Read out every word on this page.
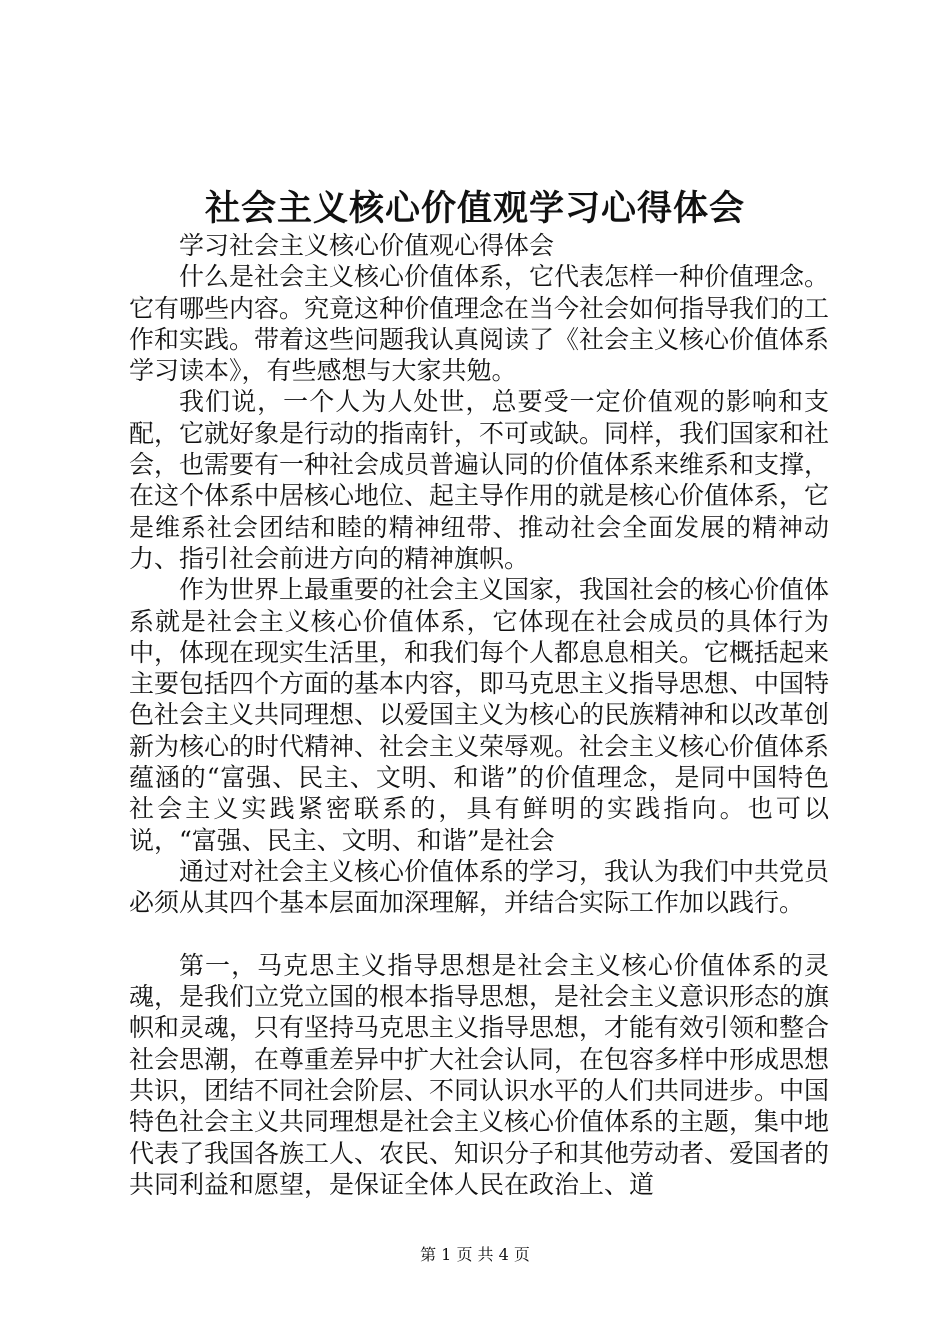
社会主义核心价值观学习心得体会

学习社会主义核心价值观心得体会

什么是社会主义核心价值体系，它代表怎样一种价值理念。它有哪些内容。究竟这种价值理念在当今社会如何指导我们的工作和实践。带着这些问题我认真阅读了《社会主义核心价值体系学习读本》，有些感想与大家共勉。

我们说，一个人为人处世，总要受一定价值观的影响和支配，它就好象是行动的指南针，不可或缺。同样，我们国家和社会，也需要有一种社会成员普遍认同的价值体系来维系和支撑，在这个体系中居核心地位、起主导作用的就是核心价值体系，它是维系社会团结和睦的精神纽带、推动社会全面发展的精神动力、指引社会前进方向的精神旗帜。

作为世界上最重要的社会主义国家，我国社会的核心价值体系就是社会主义核心价值体系，它体现在社会成员的具体行为中，体现在现实生活里，和我们每个人都息息相关。它概括起来主要包括四个方面的基本内容，即马克思主义指导思想、中国特色社会主义共同理想、以爱国主义为核心的民族精神和以改革创新为核心的时代精神、社会主义荣辱观。社会主义核心价值体系蕴涵的“富强、民主、文明、和谐”的价值理念，是同中国特色社会主义实践紧密联系的，具有鲜明的实践指向。也可以说，“富强、民主、文明、和谐”是社会

通过对社会主义核心价值体系的学习，我认为我们中共党员必须从其四个基本层面加深理解，并结合实际工作加以践行。

第一，马克思主义指导思想是社会主义核心价值体系的灵魂，是我们立党立国的根本指导思想，是社会主义意识形态的旗帜和灵魂，只有坚持马克思主义指导思想，才能有效引领和整合社会思潮，在尊重差异中扩大社会认同，在包容多样中形成思想共识，团结不同社会阶层、不同认识水平的人们共同进步。中国特色社会主义共同理想是社会主义核心价值体系的主题，集中地代表了我国各族工人、农民、知识分子和其他劳动者、爱国者的共同利益和愿望，是保证全体人民在政治上、道

第 1 页 共 4 页
